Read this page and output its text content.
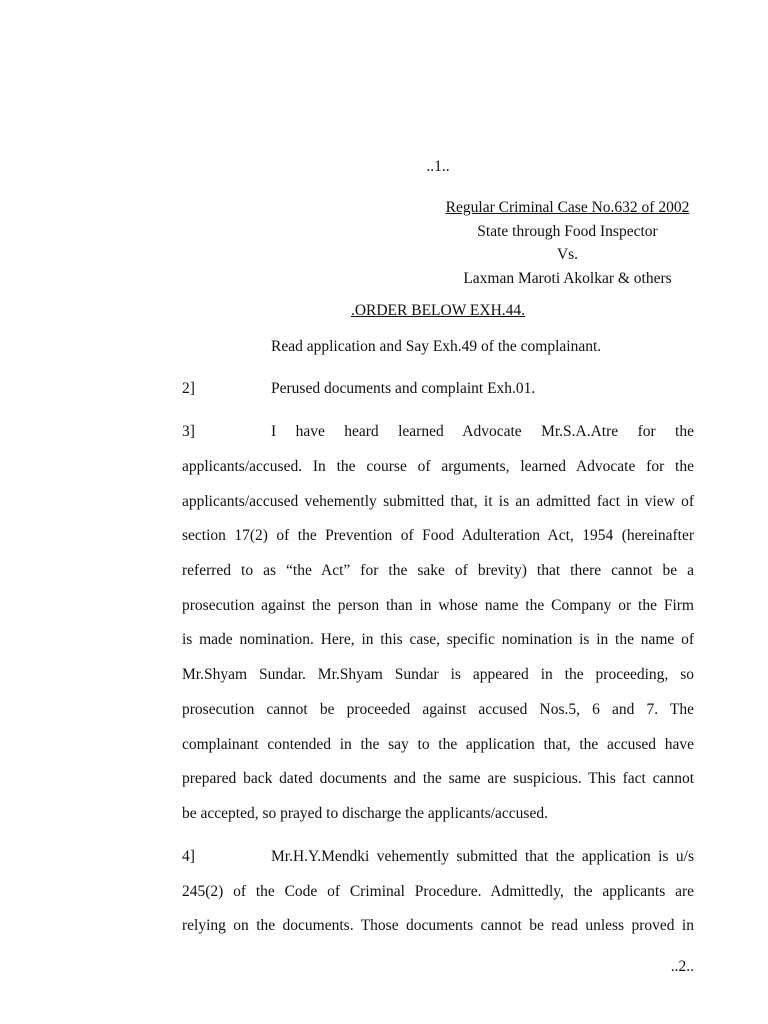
..1..
Regular Criminal Case No.632 of 2002
State through Food Inspector
Vs.
Laxman Maroti Akolkar & others
.ORDER BELOW EXH.44.
Read application and Say Exh.49 of the complainant.
2]	Perused documents and complaint Exh.01.
3]	I have heard learned Advocate Mr.S.A.Atre for the
applicants/accused. In the course of arguments, learned Advocate for the
applicants/accused vehemently submitted that, it is an admitted fact in view of
section 17(2) of the Prevention of Food Adulteration Act, 1954 (hereinafter
referred to as “the Act” for the sake of brevity) that there cannot be a
prosecution against the person than in whose name the Company or the Firm
is made nomination. Here, in this case, specific nomination is in the name of
Mr.Shyam Sundar. Mr.Shyam Sundar is appeared in the proceeding, so
prosecution cannot be proceeded against accused Nos.5, 6 and 7. The
complainant contended in the say to the application that, the accused have
prepared back dated documents and the same are suspicious. This fact cannot
be accepted, so prayed to discharge the applicants/accused.
4]	Mr.H.Y.Mendki vehemently submitted that the application is u/s
245(2) of the Code of Criminal Procedure. Admittedly, the applicants are
relying on the documents. Those documents cannot be read unless proved in
..2..
